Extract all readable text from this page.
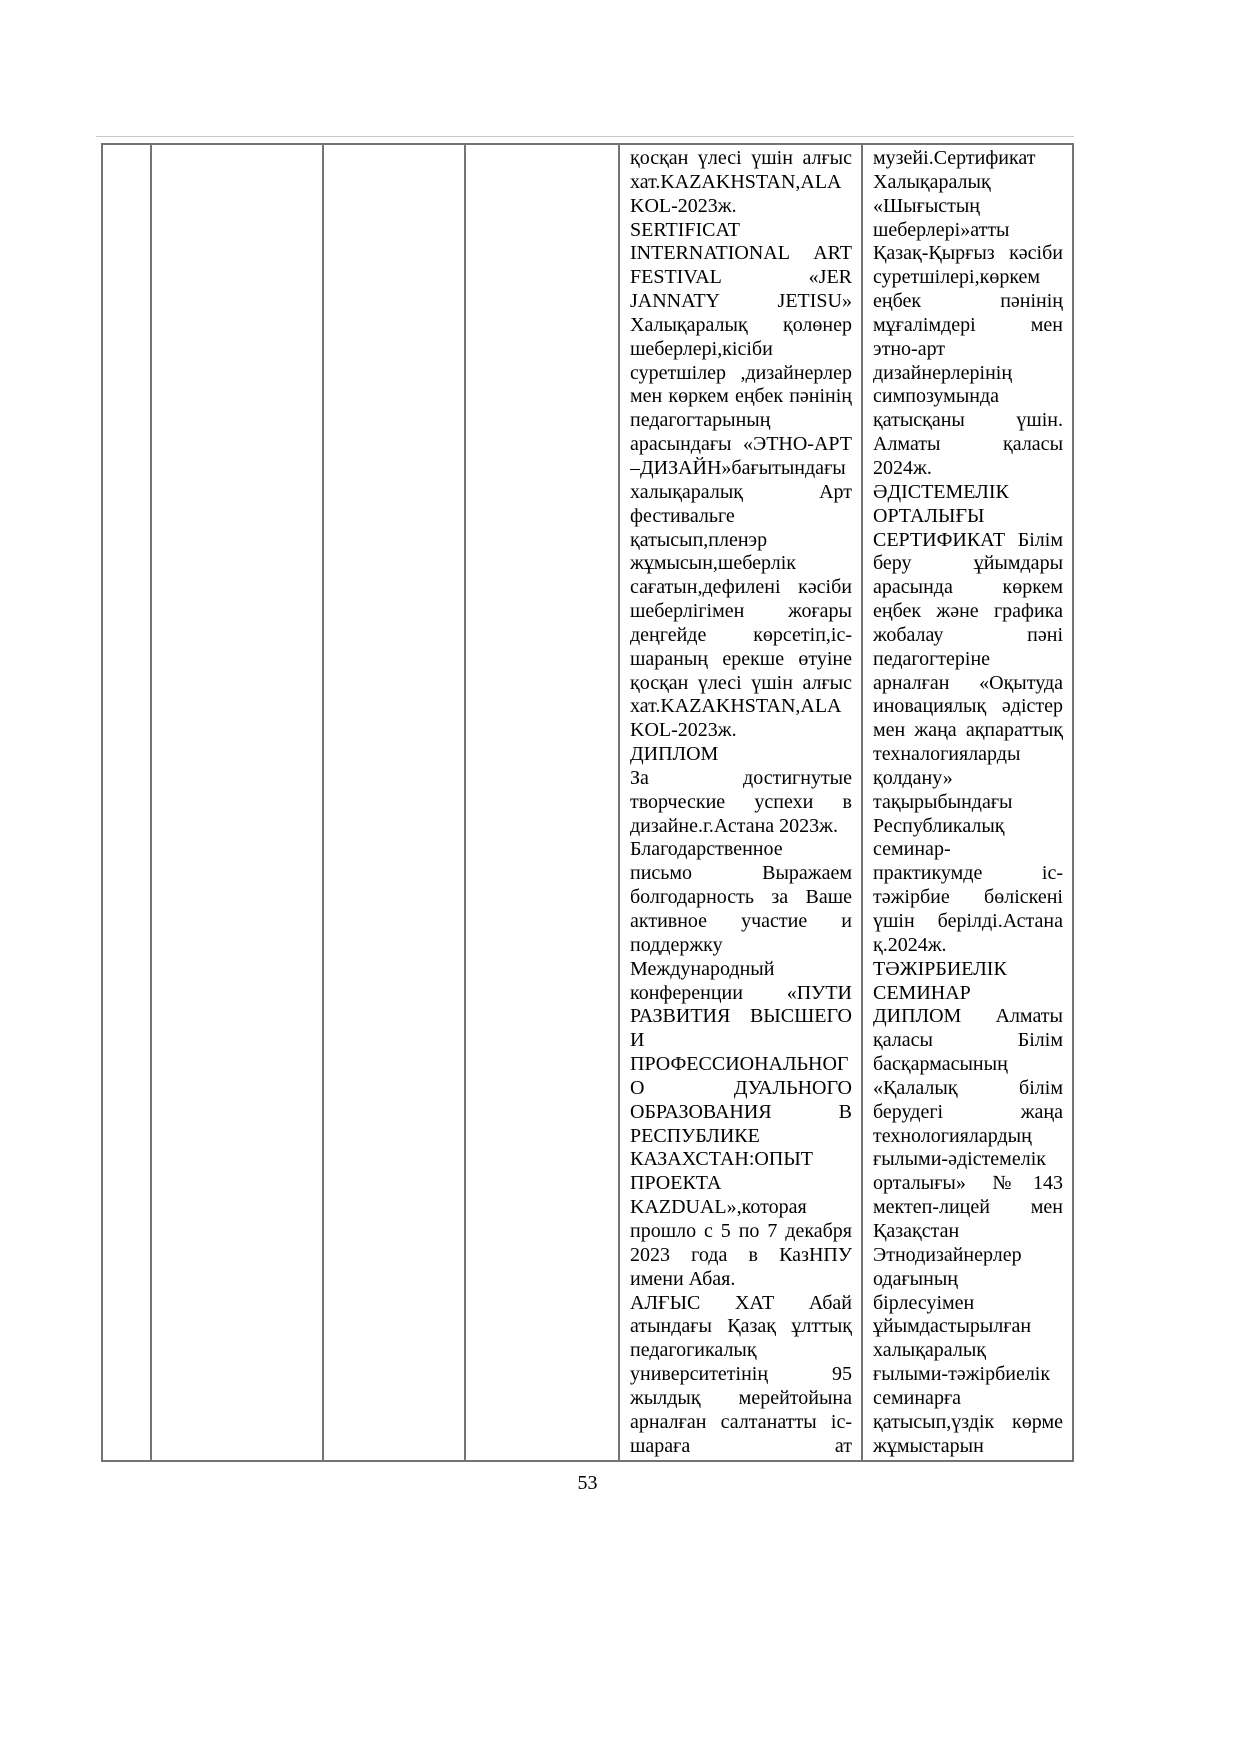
қосқан үлесі үшін алғыс
хат.KAZAKHSTAN,ALA
KOL-2023ж.
SERTIFICAT
INTERNATIONAL ART
FESTIVAL «JER
JANNATY JETISU»
Халықаралық қолөнер
шеберлері,кісіби
суретшілер ,дизайнерлер
мен көркем еңбек пәнінің
педагогтарының
арасындағы «ЭТНО-АРТ
–ДИЗАЙН»бағытындағы
халықаралық Арт
фестивальге
қатысып,пленэр
жұмысын,шеберлік
сағатын,дефилені кәсіби
шеберлігімен жоғары
деңгейде көрсетіп,іс-
шараның ерекше өтуіне
қосқан үлесі үшін алғыс
хат.KAZAKHSTAN,ALA
KOL-2023ж.
ДИПЛОМ
За достигнутые
творческие успехи в
дизайне.г.Астана 2023ж.
Благодарственное
письмо Выражаем
болгодарность за Ваше
активное участие и
поддержку
Международный
конференции «ПУТИ
РАЗВИТИЯ ВЫСШЕГО
И
ПРОФЕССИОНАЛЬНОГ
О ДУАЛЬНОГО
ОБРАЗОВАНИЯ В
РЕСПУБЛИКЕ
КАЗАХСТАН:ОПЫТ
ПРОЕКТА
KAZDUAL»,которая
прошло с 5 по 7 декабря
2023 года в КазНПУ
имени Абая.
АЛҒЫС ХАТ Абай
атындағы Қазақ ұлттық
педагогикалық
университетінің 95
жылдық мерейтойына
арналған салтанатты іс-
шараға ат
музейі.Сертификат
Халықаралық
«Шығыстың
шеберлері»атты
Қазақ-Қырғыз кәсіби
суретшілері,көркем
еңбек пәнінің
мұғалімдері мен
этно-арт
дизайнерлерінің
симпозумында
қатысқаны үшін.
Алматы қаласы
2024ж.
ӘДІСТЕМЕЛІК
ОРТАЛЫҒЫ
СЕРТИФИКАТ Білім
беру ұйымдары
арасында көркем
еңбек және графика
жобалау пәні
педагогтеріне
арналған «Оқытуда
иновациялық әдістер
мен жаңа ақпараттық
техналогияларды
қолдану»
тақырыбындағы
Республикалық
семинар-
практикумде іс-
тәжірбие бөліскені
үшін берілді.Астана
қ.2024ж.
ТӘЖІРБИЕЛІК
СЕМИНАР
ДИПЛОМ Алматы
қаласы Білім
басқармасының
«Қалалық білім
берудегі жаңа
технологиялардың
ғылыми-әдістемелік
орталығы» №143
мектеп-лицей мен
Қазақстан
Этнодизайнерлер
одағының
бірлесуімен
ұйымдастырылған
халықаралық
ғылыми-тәжірбиелік
семинарға
қатысып,үздік көрме
жұмыстарын
53
